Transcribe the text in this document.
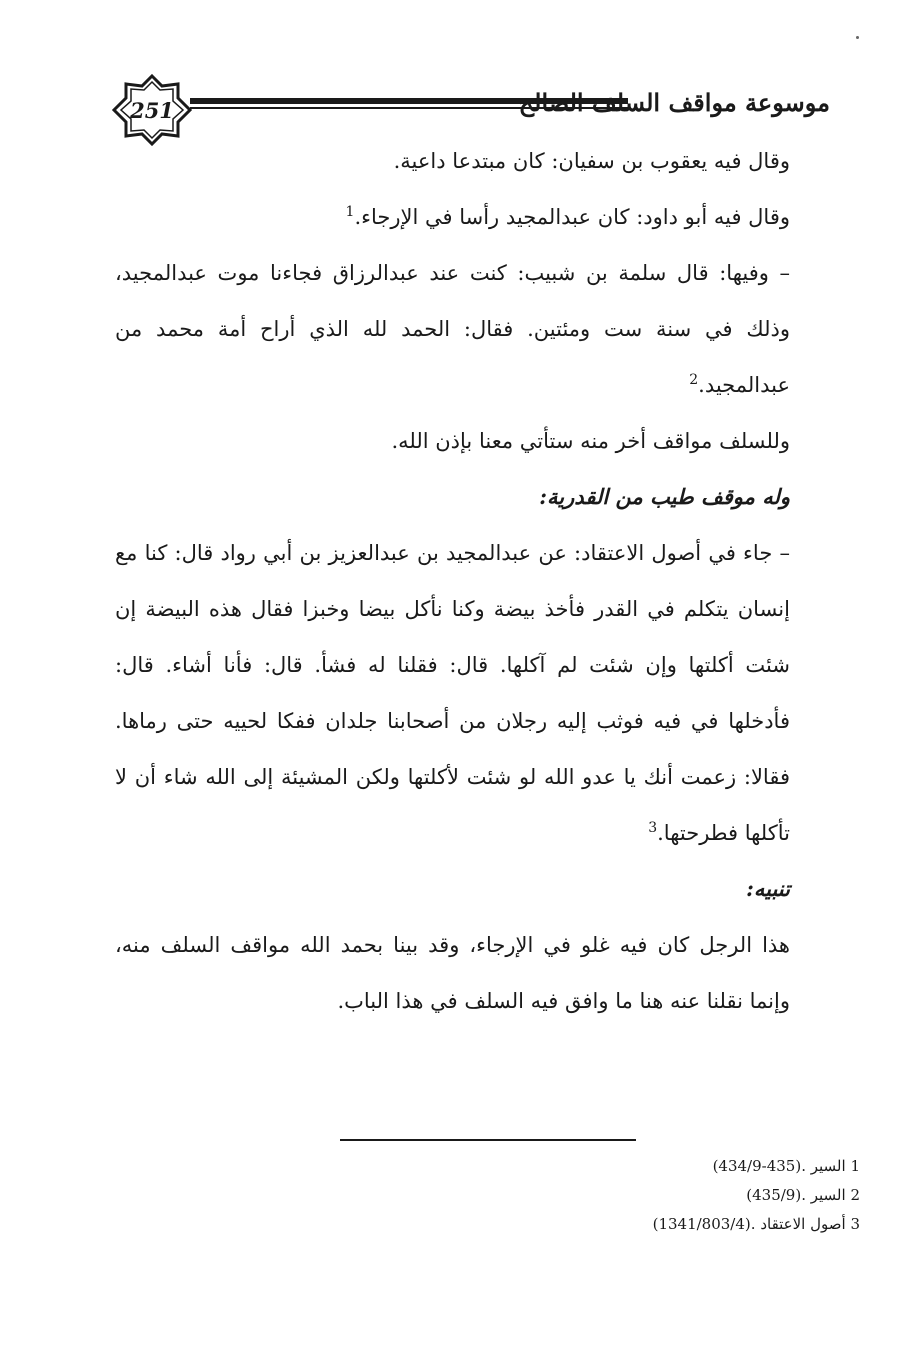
251	موسوعة مواقف السلف الصالح

وقال فيه يعقوب بن سفيان: كان مبتدعا داعية.

وقال فيه أبو داود: كان عبدالمجيد رأسا في الإرجاء.$^1$

– وفيها: قال سلمة بن شبيب: كنت عند عبدالرزاق فجاءنا موت عبدالمجيد، وذلك في سنة ست ومئتين. فقال: الحمد لله الذي أراح أمة محمد من عبدالمجيد.$^2$

وللسلف مواقف أخر منه ستأتي معنا بإذن الله.

وله موقف طيب من القدرية:

– جاء في أصول الاعتقاد: عن عبدالمجيد بن عبدالعزيز بن أبي رواد قال: كنا مع إنسان يتكلم في القدر فأخذ بيضة وكنا نأكل بيضا وخبزا فقال هذه البيضة إن شئت أكلتها وإن شئت لم آكلها. قال: فقلنا له فشأ. قال: فأنا أشاء. قال: فأدخلها في فيه فوثب إليه رجلان من أصحابنا جلدان ففكا لحييه حتى رماها. فقالا: زعمت أنك يا عدو الله لو شئت لأكلتها ولكن المشيئة إلى الله شاء أن لا تأكلها فطرحتها.$^3$

تنبيه:

هذا الرجل كان فيه غلو في الإرجاء، وقد بينا بحمد الله مواقف السلف منه، وإنما نقلنا عنه هنا ما وافق فيه السلف في هذا الباب.

1 السير (434/9-435).

2 السير (435/9).

3 أصول الاعتقاد (1341/803/4).
